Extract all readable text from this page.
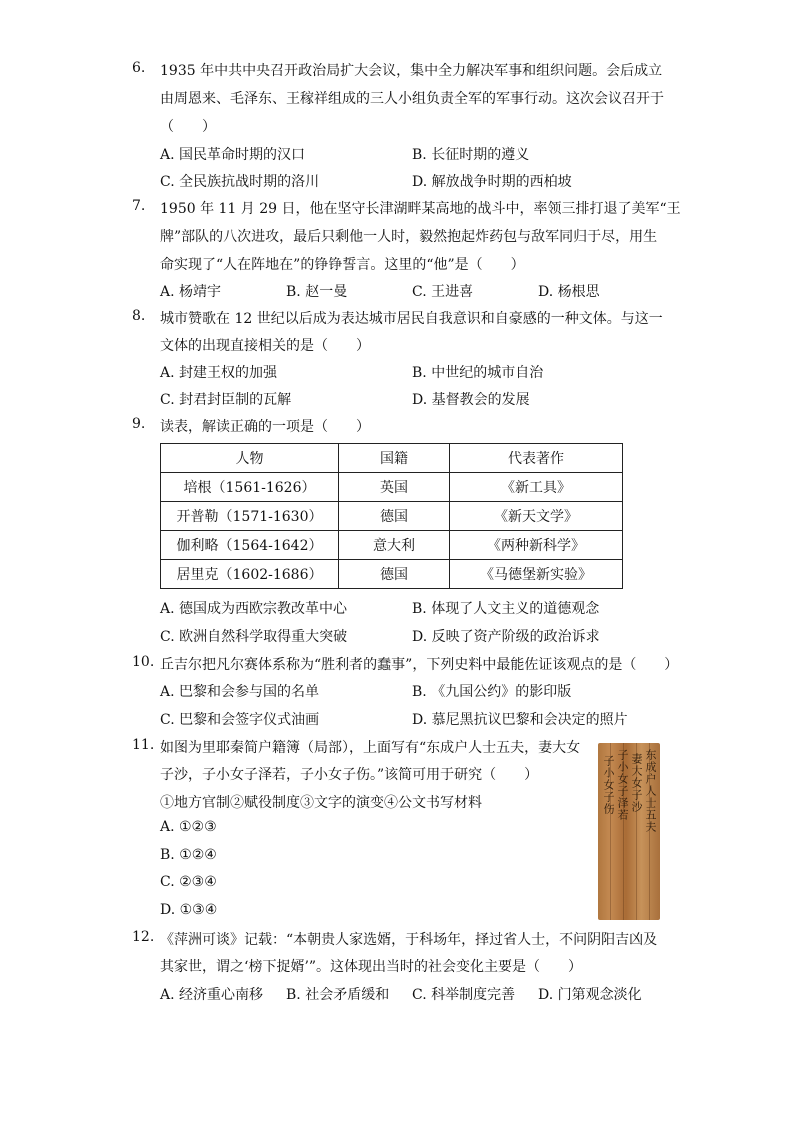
6.	1935 年中共中央召开政治局扩大会议，集中全力解决军事和组织问题。会后成立
由周恩来、毛泽东、王稼祥组成的三人小组负责全军的军事行动。这次会议召开于
（　　）
A. 国民革命时期的汉口	B. 长征时期的遵义
C. 全民族抗战时期的洛川	D. 解放战争时期的西柏坡
7.	1950 年 11 月 29 日，他在坚守长津湖畔某高地的战斗中，率领三排打退了美军“王
牌”部队的八次进攻，最后只剩他一人时，毅然抱起炸药包与敌军同归于尽，用生
命实现了“人在阵地在”的铮铮誓言。这里的“他”是（　　）
A. 杨靖宇	B. 赵一曼	C. 王进喜	D. 杨根思
8.	城市赞歌在 12 世纪以后成为表达城市居民自我意识和自豪感的一种文体。与这一
文体的出现直接相关的是（　　）
A. 封建王权的加强	B. 中世纪的城市自治
C. 封君封臣制的瓦解	D. 基督教会的发展
9.	读表，解读正确的一项是（　　）
人物	国籍	代表著作
培根（1561-1626）	英国	《新工具》
开普勒（1571-1630）	德国	《新天文学》
伽利略（1564-1642）	意大利	《两种新科学》
居里克（1602-1686）	德国	《马德堡新实验》
A. 德国成为西欧宗教改革中心	B. 体现了人文主义的道德观念
C. 欧洲自然科学取得重大突破	D. 反映了资产阶级的政治诉求
10. 丘吉尔把凡尔赛体系称为“胜利者的蠢事”，下列史料中最能佐证该观点的是（　　）
A. 巴黎和会参与国的名单	B. 《九国公约》的影印版
C. 巴黎和会签字仪式油画	D. 慕尼黑抗议巴黎和会决定的照片
11. 如图为里耶秦简户籍簿（局部），上面写有“东成户人士五夫，妻大女
子沙，子小女子泽若，子小女子伤。”该简可用于研究（　　）
①地方官制②赋役制度③文字的演变④公文书写材料
A. ①②③
B. ①②④
C. ②③④
D. ①③④
东成户人士五夫
妻大女子沙
子小女子泽若
子小女子伤
12. 《萍洲可谈》记载：“本朝贵人家选婿，于科场年，择过省人士，不问阴阳吉凶及
其家世，谓之‘榜下捉婿’”。这体现出当时的社会变化主要是（　　）
A. 经济重心南移 B. 社会矛盾缓和 C. 科举制度完善 D. 门第观念淡化
